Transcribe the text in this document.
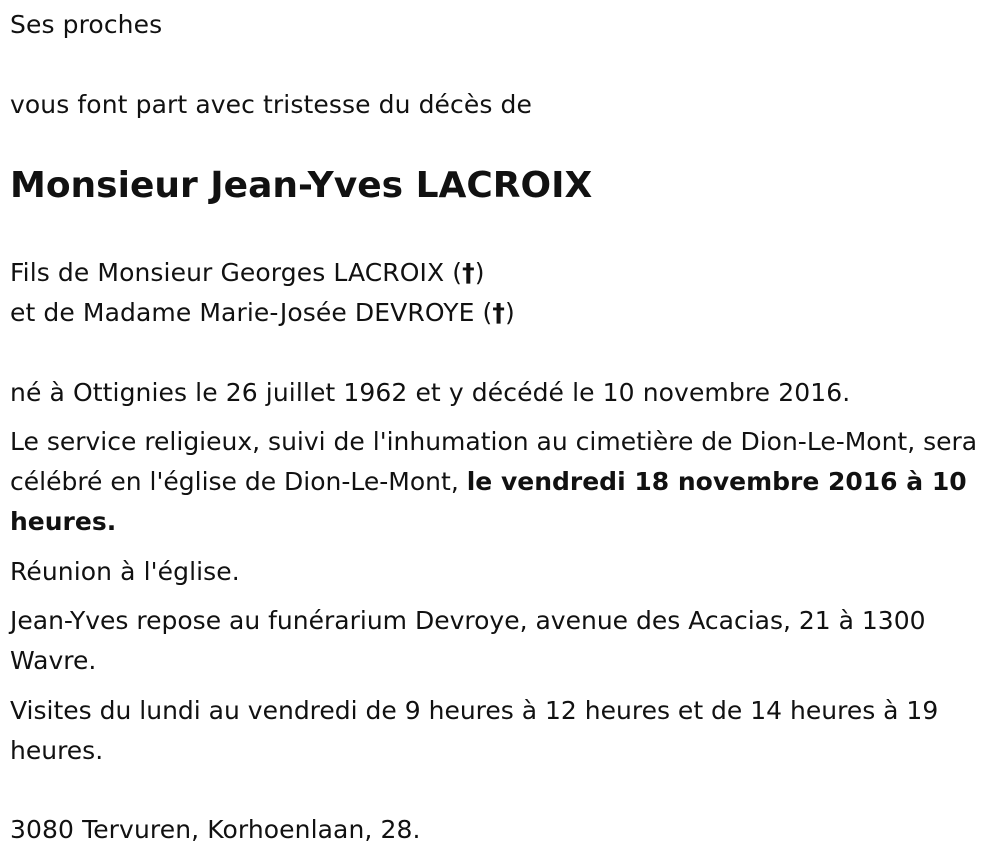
Ses proches
vous font part avec tristesse du décès de
Monsieur Jean-Yves LACROIX
Fils de Monsieur Georges LACROIX (†)
et de Madame Marie-Josée DEVROYE (†)
né à Ottignies le 26 juillet 1962 et y décédé le 10 novembre 2016.
Le service religieux, suivi de l'inhumation au cimetière de Dion-Le-Mont, sera célébré en l'église de Dion-Le-Mont, le vendredi 18 novembre 2016 à 10 heures.
Réunion à l'église.
Jean-Yves repose au funérarium Devroye, avenue des Acacias, 21 à 1300 Wavre.
Visites du lundi au vendredi de 9 heures à 12 heures et de 14 heures à 19 heures.
3080 Tervuren, Korhoenlaan, 28.
